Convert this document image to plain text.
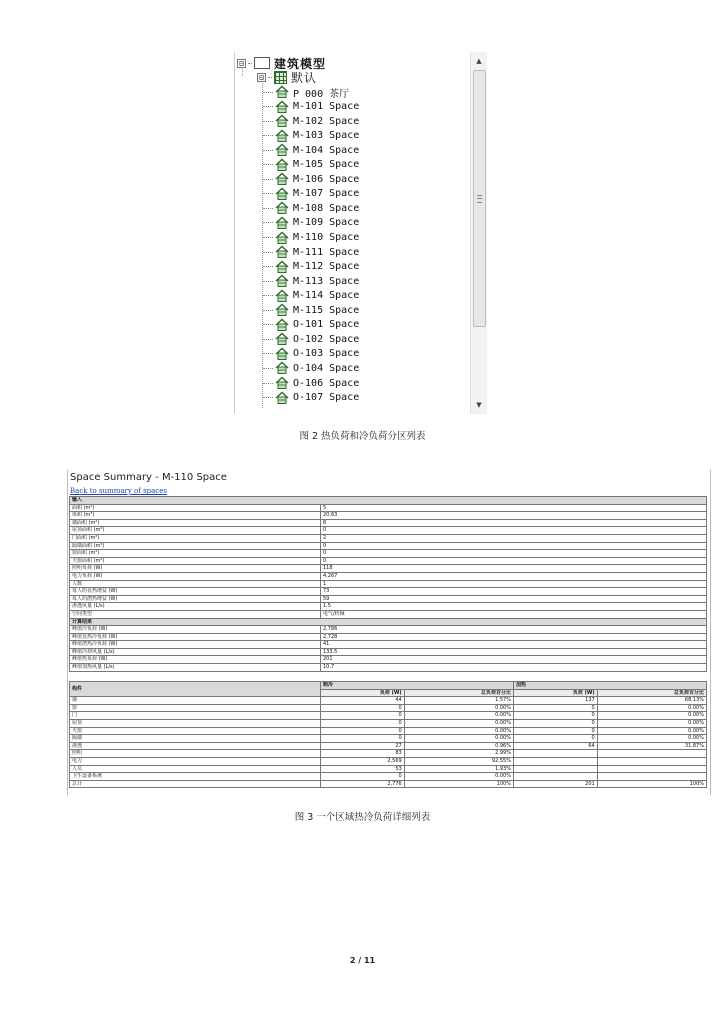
⊟	建筑模型
⊟ 默认
P 000 茶厅
M-101 Space
M-102 Space
M-103 Space
M-104 Space
M-105 Space
M-106 Space
M-107 Space
M-108 Space
M-109 Space
M-110 Space
M-111 Space
M-112 Space
M-113 Space
M-114 Space
M-115 Space
O-101 Space
O-102 Space
O-103 Space
O-104 Space
O-106 Space
O-107 Space
▲
▼
图 2 热负荷和冷负荷分区列表
Space Summary - M-110 Space
Back to summary of spaces
输入	
面积 (m²)	5
体积 (m³)	20.63
墙面积 (m²)	8
屋顶面积 (m²)	0
门面积 (m²)	2
隔墙面积 (m²)	0
窗面积 (m²)	0
天窗面积 (m²)	0
照明负荷 (W)	118
电力负荷 (W)	4,267
人数	1
每人的显热增益 (W)	73
每人的潜热增益 (W)	59
渗透风量 (L/s)	1.5
空间类型	电气/机械
计算结果	
峰值冷负荷 (W)	2,786
峰值显热冷负荷 (W)	2,728
峰值潜热冷负荷 (W)	41
峰值冷却风量 (L/s)	133.5
峰值热负荷 (W)	201
峰值加热风量 (L/s)	10.7
构件	制冷		加热	
	负荷 (W)	总负荷百分比	负荷 (W)	总负荷百分比
墙	44	1.57%	137	68.13%
窗	0	0.00%	0	0.00%
门	0	0.00%	0	0.00%
屋顶	0	0.00%	0	0.00%
天窗	0	0.00%	0	0.00%
隔墙	0	0.00%	0	0.00%
渗透	27	0.96%	64	31.87%
照明	83	2.99%		
电力	2,569	92.55%		
人员	53	1.93%		
卫生设备系统	0	0.00%		
总计	2,776	100%	201	100%
图 3 一个区域热冷负荷详细列表
2 / 11
